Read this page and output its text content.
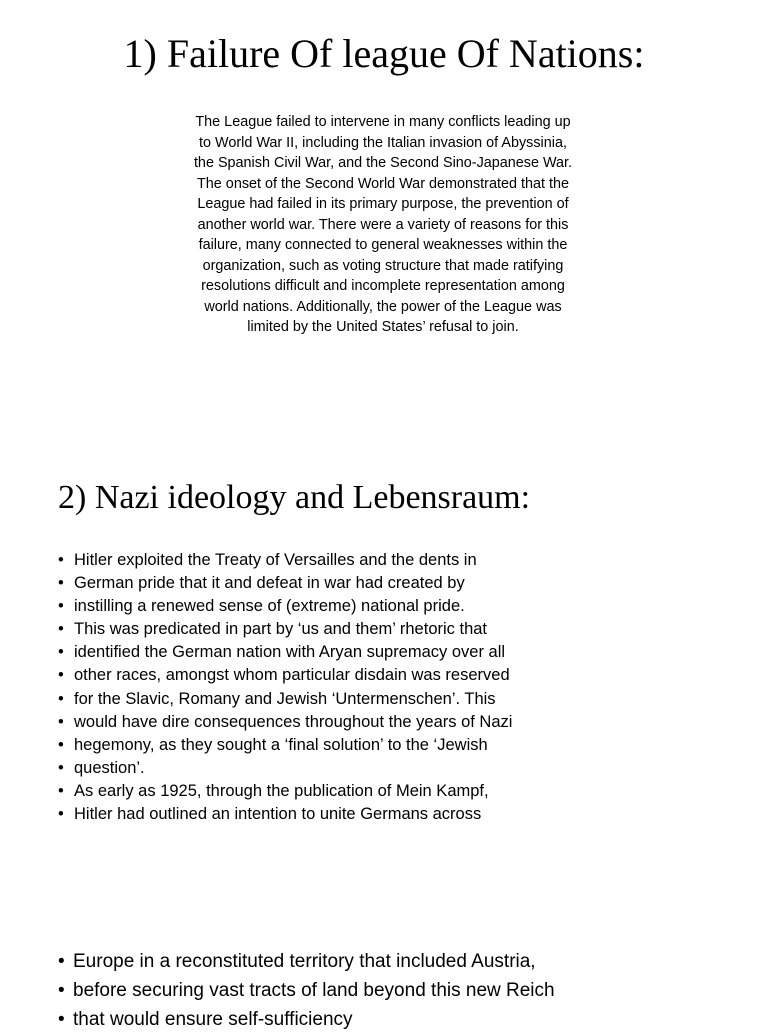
1) Failure Of league Of Nations:
The League failed to intervene in many conflicts leading up
to World War II, including the Italian invasion of Abyssinia,
the Spanish Civil War, and the Second Sino-Japanese War.
The onset of the Second World War demonstrated that the
League had failed in its primary purpose, the prevention of
another world war. There were a variety of reasons for this
failure, many connected to general weaknesses within the
organization, such as voting structure that made ratifying
resolutions difficult and incomplete representation among
world nations. Additionally, the power of the League was
limited by the United States’ refusal to join.
2) Nazi ideology and Lebensraum:
• Hitler exploited the Treaty of Versailles and the dents in
• German pride that it and defeat in war had created by
• instilling a renewed sense of (extreme) national pride.
• This was predicated in part by ‘us and them’ rhetoric that
• identified the German nation with Aryan supremacy over all
• other races, amongst whom particular disdain was reserved
• for the Slavic, Romany and Jewish ‘Untermenschen’. This
• would have dire consequences throughout the years of Nazi
• hegemony, as they sought a ‘final solution’ to the ‘Jewish
• question’.
• As early as 1925, through the publication of Mein Kampf,
• Hitler had outlined an intention to unite Germans across
• Europe in a reconstituted territory that included Austria,
• before securing vast tracts of land beyond this new Reich
• that would ensure self-sufficiency
